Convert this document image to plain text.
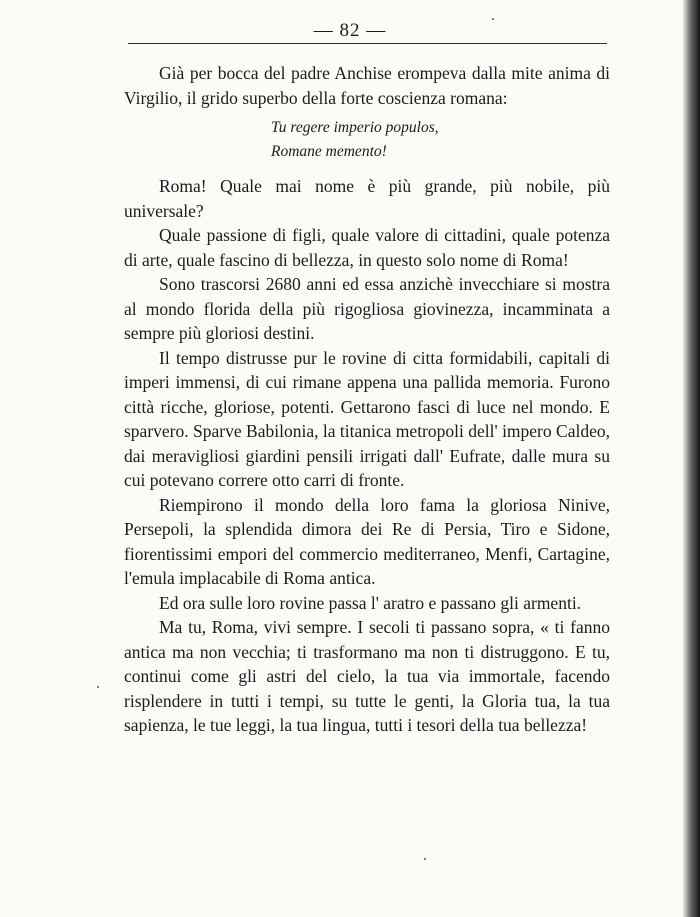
— 82 —

Già per bocca del padre Anchise erompeva dalla mite anima di Virgilio, il grido superbo della forte coscienza romana:

Tu regere imperio populos,
Romane memento!

Roma! Quale mai nome è più grande, più nobile, più universale?

Quale passione di figli, quale valore di cittadini, quale potenza di arte, quale fascino di bellezza, in questo solo nome di Roma!

Sono trascorsi 2680 anni ed essa anzichè invecchiare si mostra al mondo florida della più rigogliosa giovinezza, incamminata a sempre più gloriosi destini.

Il tempo distrusse pur le rovine di citta formidabili, capitali di imperi immensi, di cui rimane appena una pallida memoria. Furono città ricche, gloriose, potenti. Gettarono fasci di luce nel mondo. E sparvero. Sparve Babilonia, la titanica metropoli dell' impero Caldeo, dai meravigliosi giardini pensili irrigati dall' Eufrate, dalle mura su cui potevano correre otto carri di fronte.

Riempirono il mondo della loro fama la gloriosa Ninive, Persepoli, la splendida dimora dei Re di Persia, Tiro e Sidone, fiorentissimi empori del commercio mediterraneo, Menfi, Cartagine, l'emula implacabile di Roma antica.

Ed ora sulle loro rovine passa l' aratro e passano gli armenti.

Ma tu, Roma, vivi sempre. I secoli ti passano sopra, « ti fanno antica ma non vecchia; ti trasformano ma non ti distruggono. E tu, continui come gli astri del cielo, la tua via immortale, facendo risplendere in tutti i tempi, su tutte le genti, la Gloria tua, la tua sapienza, le tue leggi, la tua lingua, tutti i tesori della tua bellezza!
